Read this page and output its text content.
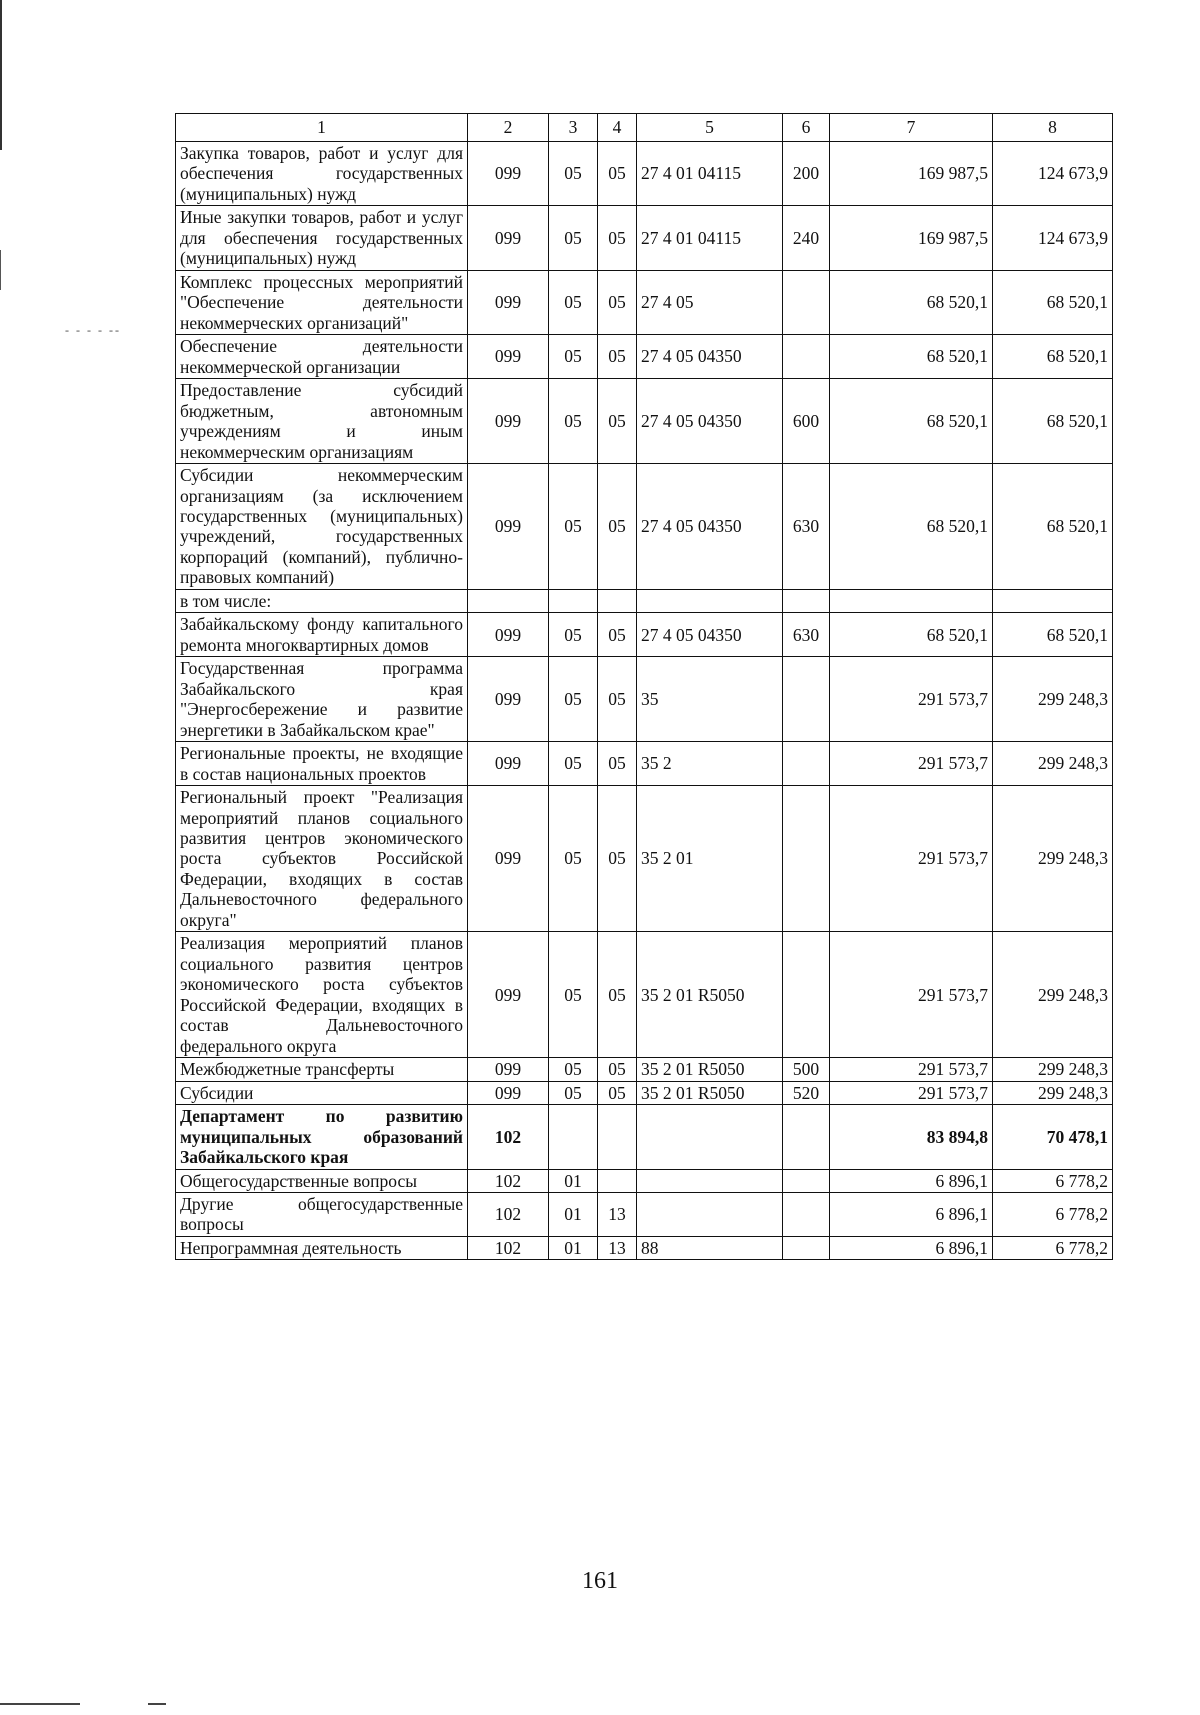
‐ ‐ ‐ ‐ ‐‐
1	2	3	4	5	6	7	8
Закупка товаров, работ и услуг для обеспечения государственных (муниципальных) нужд	099	05	05	27 4 01 04115	200	169 987,5	124 673,9
Иные закупки товаров, работ и услуг для обеспечения государственных (муниципальных) нужд	099	05	05	27 4 01 04115	240	169 987,5	124 673,9
Комплекс процессных мероприятий "Обеспечение деятельности некоммерческих организаций"	099	05	05	27 4 05		68 520,1	68 520,1
Обеспечение деятельности некоммерческой организации	099	05	05	27 4 05 04350		68 520,1	68 520,1
Предоставление субсидий бюджетным, автономным учреждениям и иным некоммерческим организациям	099	05	05	27 4 05 04350	600	68 520,1	68 520,1
Субсидии некоммерческим организациям (за исключением государственных (муниципальных) учреждений, государственных корпораций (компаний), публично-правовых компаний)	099	05	05	27 4 05 04350	630	68 520,1	68 520,1
в том числе:							
Забайкальскому фонду капитального ремонта многоквартирных домов	099	05	05	27 4 05 04350	630	68 520,1	68 520,1
Государственная программа Забайкальского края "Энергосбережение и развитие энергетики в Забайкальском крае"	099	05	05	35		291 573,7	299 248,3
Региональные проекты, не входящие в состав национальных проектов	099	05	05	35 2		291 573,7	299 248,3
Региональный проект "Реализация мероприятий планов социального развития центров экономического роста субъектов Российской Федерации, входящих в состав Дальневосточного федерального округа"	099	05	05	35 2 01		291 573,7	299 248,3
Реализация мероприятий планов социального развития центров экономического роста субъектов Российской Федерации, входящих в состав Дальневосточного федерального округа	099	05	05	35 2 01 R5050		291 573,7	299 248,3
Межбюджетные трансферты	099	05	05	35 2 01 R5050	500	291 573,7	299 248,3
Субсидии	099	05	05	35 2 01 R5050	520	291 573,7	299 248,3
Департамент по развитию муниципальных образований Забайкальского края	102					83 894,8	70 478,1
Общегосударственные вопросы	102	01				6 896,1	6 778,2
Другие общегосударственные вопросы	102	01	13			6 896,1	6 778,2
Непрограммная деятельность	102	01	13	88		6 896,1	6 778,2
161
